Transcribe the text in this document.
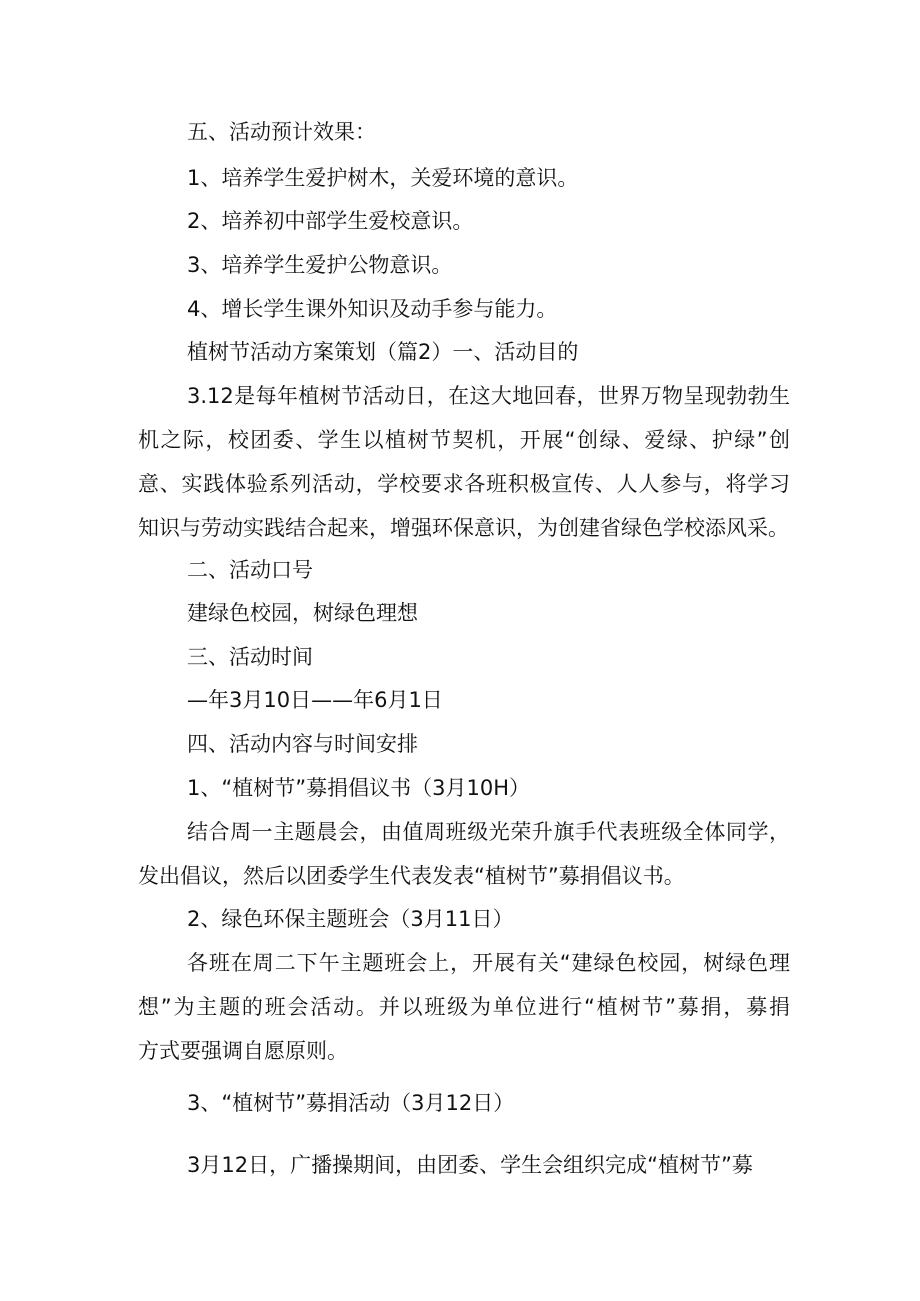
五、活动预计效果：
1、培养学生爱护树木，关爱环境的意识。
2、培养初中部学生爱校意识。
3、培养学生爱护公物意识。
4、增长学生课外知识及动手参与能力。
植树节活动方案策划（篇2）一、活动目的
3.12是每年植树节活动日，在这大地回春，世界万物呈现勃勃生
机之际，校团委、学生以植树节契机，开展“创绿、爱绿、护绿”创
意、实践体验系列活动，学校要求各班积极宣传、人人参与，将学习
知识与劳动实践结合起来，增强环保意识，为创建省绿色学校添风采。
二、活动口号
建绿色校园，树绿色理想
三、活动时间
—年3月10日——年6月1日
四、活动内容与时间安排
1、“植树节”募捐倡议书（3月10H）
结合周一主题晨会，由值周班级光荣升旗手代表班级全体同学，
发出倡议，然后以团委学生代表发表“植树节”募捐倡议书。
2、绿色环保主题班会（3月11日）
各班在周二下午主题班会上，开展有关“建绿色校园，树绿色理
想”为主题的班会活动。并以班级为单位进行“植树节”募捐，募捐
方式要强调自愿原则。
3、“植树节”募捐活动（3月12日）
3月12日，广播操期间，由团委、学生会组织完成“植树节”募
